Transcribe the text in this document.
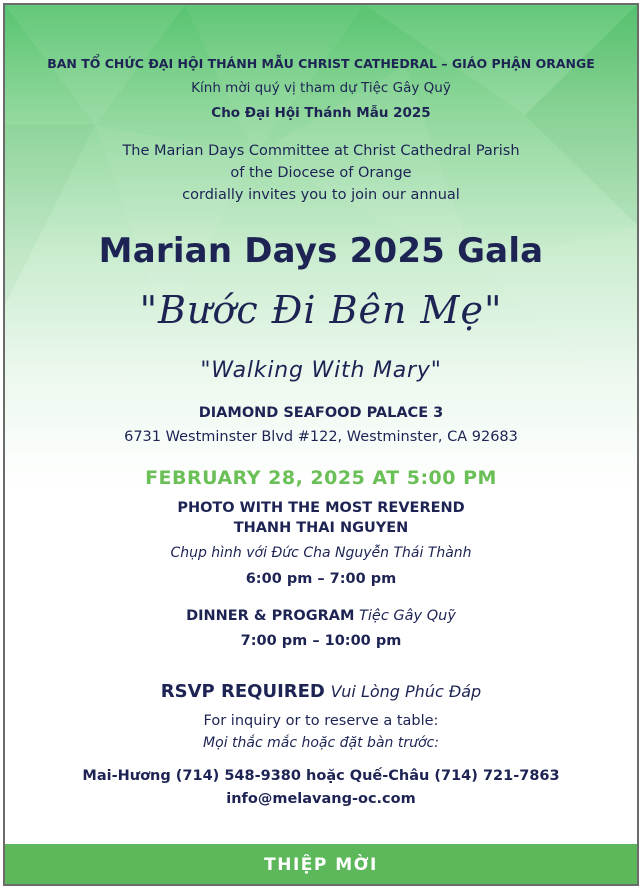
BAN TỔ CHỨC ĐẠI HỘI THÁNH MẪU CHRIST CATHEDRAL – GIÁO PHẬN ORANGE
Kính mời quý vị tham dự Tiệc Gây Quỹ
Cho Đại Hội Thánh Mẫu 2025
The Marian Days Committee at Christ Cathedral Parish
of the Diocese of Orange
cordially invites you to join our annual
Marian Days 2025 Gala
"Bước Đi Bên Mẹ"
"Walking With Mary"
DIAMOND SEAFOOD PALACE 3
6731 Westminster Blvd #122, Westminster, CA 92683
FEBRUARY 28, 2025 AT 5:00 PM
PHOTO WITH THE MOST REVEREND
THANH THAI NGUYEN
Chụp hình với Đức Cha Nguyễn Thái Thành
6:00 pm – 7:00 pm
DINNER & PROGRAM Tiệc Gây Quỹ
7:00 pm – 10:00 pm
RSVP REQUIRED Vui Lòng Phúc Đáp
For inquiry or to reserve a table:
Mọi thắc mắc hoặc đặt bàn trước:
Mai-Hương (714) 548-9380 hoặc Quế-Châu (714) 721-7863
info@melavang-oc.com
THIỆP MỜI
